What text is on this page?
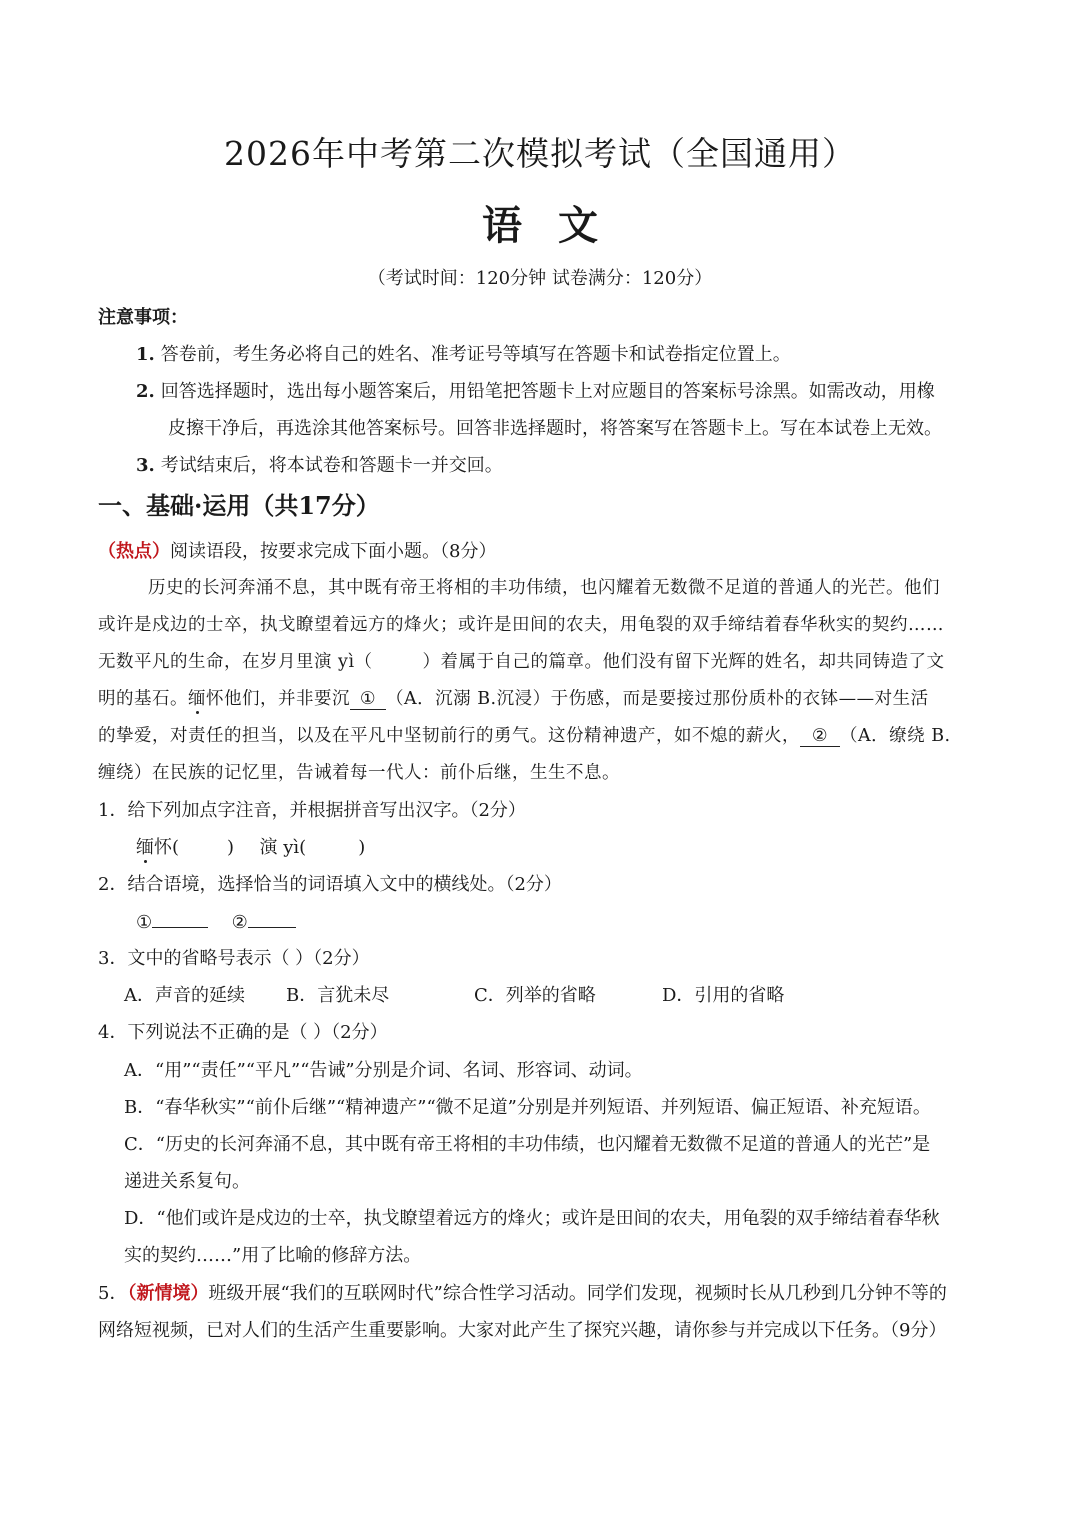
2026年中考第二次模拟考试（全国通用）
语文
（考试时间：120分钟 试卷满分：120分）
注意事项：
1. 答卷前，考生务必将自己的姓名、准考证号等填写在答题卡和试卷指定位置上。
2. 回答选择题时，选出每小题答案后，用铅笔把答题卡上对应题目的答案标号涂黑。如需改动，用橡
皮擦干净后，再选涂其他答案标号。回答非选择题时，将答案写在答题卡上。写在本试卷上无效。
3. 考试结束后，将本试卷和答题卡一并交回。
一、基础·运用（共17分）
（热点）阅读语段，按要求完成下面小题。（8分）
历史的长河奔涌不息，其中既有帝王将相的丰功伟绩，也闪耀着无数微不足道的普通人的光芒。他们
或许是戍边的士卒，执戈瞭望着远方的烽火；或许是田间的农夫，用龟裂的双手缔结着春华秋实的契约……
无数平凡的生命，在岁月里演 yì（	）着属于自己的篇章。他们没有留下光辉的姓名，却共同铸造了文
明的基石。缅怀他们，并非要沉 ① （A．沉溺 B.沉浸）于伤感，而是要接过那份质朴的衣钵——对生活
的挚爱，对责任的担当，以及在平凡中坚韧前行的勇气。这份精神遗产，如不熄的薪火， ② （A．缭绕 B.
缠绕）在民族的记忆里，告诫着每一代人：前仆后继，生生不息。
1．给下列加点字注音，并根据拼音写出汉字。（2分）
缅怀(	) 演 yì(	)
2．结合语境，选择恰当的词语填入文中的横线处。（2分）
①	②
3．文中的省略号表示（ ）（2分）
A．声音的延续 B．言犹未尽	C．列举的省略	D．引用的省略
4．下列说法不正确的是（ ）（2分）
A．“用”“责任”“平凡”“告诫”分别是介词、名词、形容词、动词。
B．“春华秋实”“前仆后继”“精神遗产”“微不足道”分别是并列短语、并列短语、偏正短语、补充短语。
C．“历史的长河奔涌不息，其中既有帝王将相的丰功伟绩，也闪耀着无数微不足道的普通人的光芒”是
递进关系复句。
D．“他们或许是戍边的士卒，执戈瞭望着远方的烽火；或许是田间的农夫，用龟裂的双手缔结着春华秋
实的契约……”用了比喻的修辞方法。
5．（新情境）班级开展“我们的互联网时代”综合性学习活动。同学们发现，视频时长从几秒到几分钟不等的
网络短视频，已对人们的生活产生重要影响。大家对此产生了探究兴趣，请你参与并完成以下任务。（9分）
